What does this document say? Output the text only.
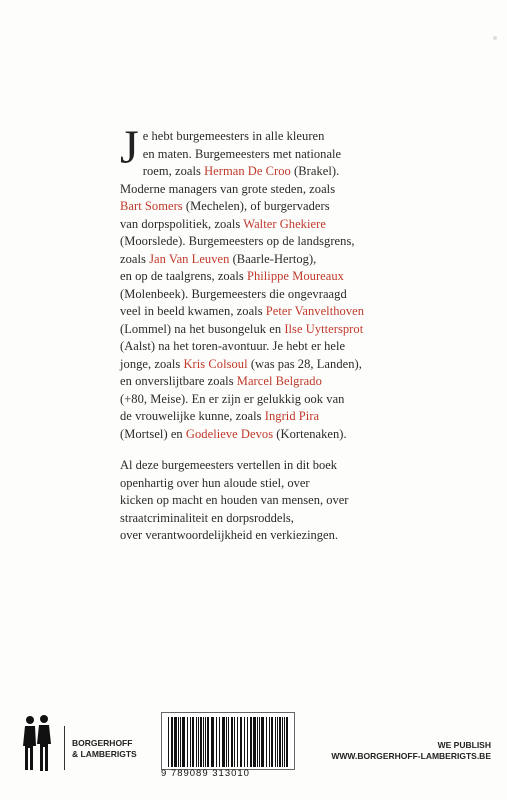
J e hebt burgemeesters in alle kleuren
en maten. Burgemeesters met nationale
roem, zoals Herman De Croo (Brakel).
Moderne managers van grote steden, zoals
Bart Somers (Mechelen), of burgervaders
van dorpspolitiek, zoals Walter Ghekiere
(Moorslede). Burgemeesters op de landsgrens,
zoals Jan Van Leuven (Baarle-Hertog),
en op de taalgrens, zoals Philippe Moureaux
(Molenbeek). Burgemeesters die ongevraagd
veel in beeld kwamen, zoals Peter Vanvelthoven
(Lommel) na het busongeluk en Ilse Uyttersprot
(Aalst) na het toren-avontuur. Je hebt er hele
jonge, zoals Kris Colsoul (was pas 28, Landen),
en onverslijtbare zoals Marcel Belgrado
(+80, Meise). En er zijn er gelukkig ook van
de vrouwelijke kunne, zoals Ingrid Pira
(Mortsel) en Godelieve Devos (Kortenaken).
Al deze burgemeesters vertellen in dit boek
openhartig over hun aloude stiel, over
kicken op macht en houden van mensen, over
straatcriminaliteit en dorpsroddels,
over verantwoordelijkheid en verkiezingen.
BORGERHOFF
& LAMBERIGTS
9 789089 313010
WE PUBLISH
WWW.BORGERHOFF-LAMBERIGTS.BE
